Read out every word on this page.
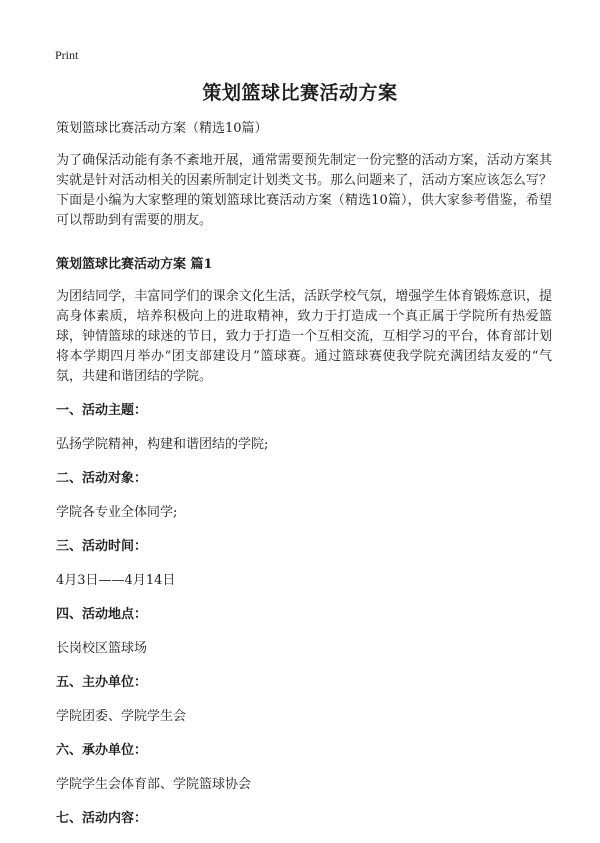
Print
策划篮球比赛活动方案

策划篮球比赛活动方案（精选10篇）

为了确保活动能有条不紊地开展，通常需要预先制定一份完整的活动方案，活动方案其实就是针对活动相关的因素所制定计划类文书。那么问题来了，活动方案应该怎么写？下面是小编为大家整理的策划篮球比赛活动方案（精选10篇），供大家参考借鉴，希望可以帮助到有需要的朋友。

策划篮球比赛活动方案 篇1

为团结同学，丰富同学们的课余文化生活，活跃学校气氛，增强学生体育锻炼意识，提高身体素质，培养积极向上的进取精神，致力于打造成一个真正属于学院所有热爱篮球，钟情篮球的球迷的节日，致力于打造一个互相交流，互相学习的平台，体育部计划将本学期四月举办“团支部建设月”篮球赛。通过篮球赛使我学院充满团结友爱的“气氛，共建和谐团结的学院。

一、活动主题：

弘扬学院精神，构建和谐团结的学院;

二、活动对象：

学院各专业全体同学;

三、活动时间：

4月3日——4月14日

四、活动地点：

长岗校区篮球场

五、主办单位：

学院团委、学院学生会

六、承办单位：

学院学生会体育部、学院篮球协会

七、活动内容：
